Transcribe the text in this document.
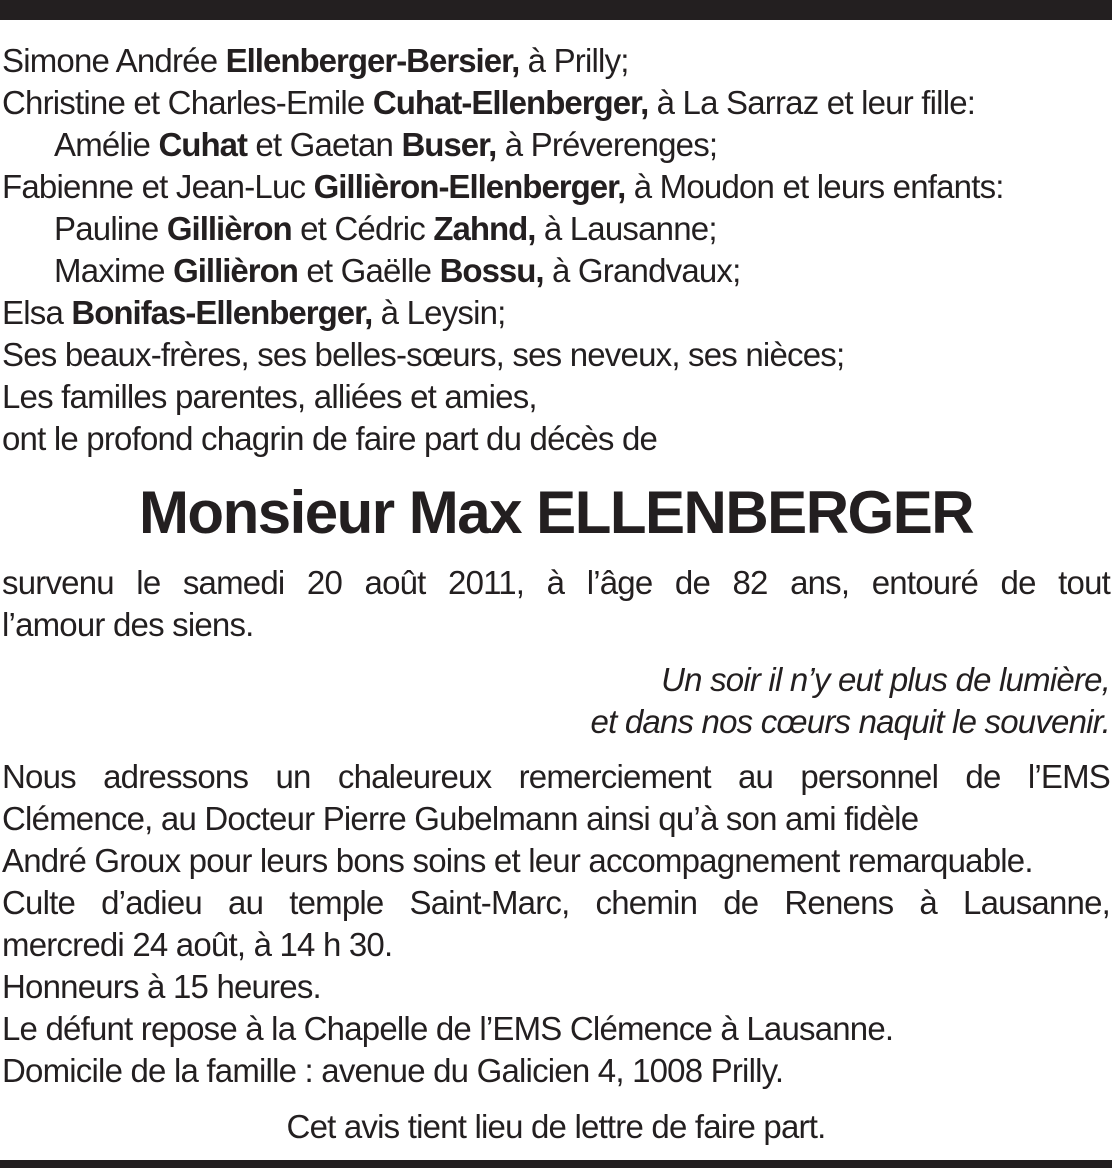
Simone Andrée Ellenberger-Bersier, à Prilly;
Christine et Charles-Emile Cuhat-Ellenberger, à La Sarraz et leur fille:
Amélie Cuhat et Gaetan Buser, à Préverenges;
Fabienne et Jean-Luc Gillièron-Ellenberger, à Moudon et leurs enfants:
Pauline Gillièron et Cédric Zahnd, à Lausanne;
Maxime Gillièron et Gaëlle Bossu, à Grandvaux;
Elsa Bonifas-Ellenberger, à Leysin;
Ses beaux-frères, ses belles-sœurs, ses neveux, ses nièces;
Les familles parentes, alliées et amies,
ont le profond chagrin de faire part du décès de
Monsieur Max ELLENBERGER
survenu le samedi 20 août 2011, à l’âge de 82 ans, entouré de tout
l’amour des siens.
Un soir il n’y eut plus de lumière,
et dans nos cœurs naquit le souvenir.
Nous adressons un chaleureux remerciement au personnel de l’EMS
Clémence, au Docteur Pierre Gubelmann ainsi qu’à son ami fidèle
André Groux pour leurs bons soins et leur accompagnement remarquable.
Culte d’adieu au temple Saint-Marc, chemin de Renens à Lausanne,
mercredi 24 août, à 14 h 30.
Honneurs à 15 heures.
Le défunt repose à la Chapelle de l’EMS Clémence à Lausanne.
Domicile de la famille : avenue du Galicien 4, 1008 Prilly.
Cet avis tient lieu de lettre de faire part.
